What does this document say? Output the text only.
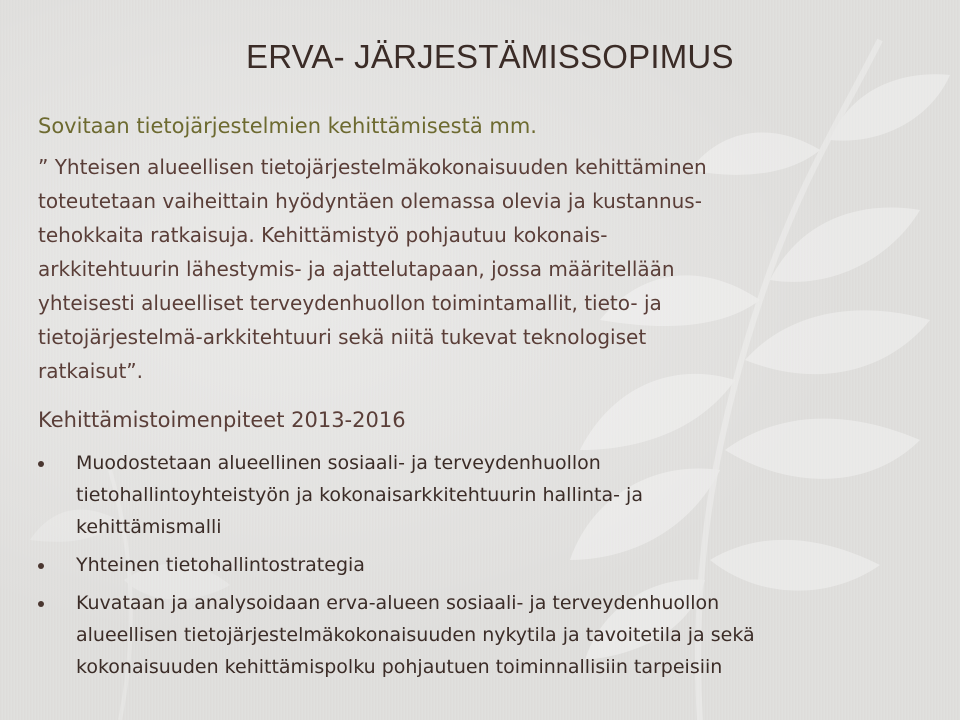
ERVA- JÄRJESTÄMISSOPIMUS

Sovitaan tietojärjestelmien kehittämisestä mm.

” Yhteisen alueellisen tietojärjestelmäkokonaisuuden kehittäminen
toteutetaan vaiheittain hyödyntäen olemassa olevia ja kustannus-
tehokkaita ratkaisuja. Kehittämistyö pohjautuu kokonais-
arkkitehtuurin lähestymis- ja ajattelutapaan, jossa määritellään
yhteisesti alueelliset terveydenhuollon toimintamallit, tieto- ja
tietojärjestelmä-arkkitehtuuri sekä niitä tukevat teknologiset
ratkaisut”.

Kehittämistoimenpiteet 2013-2016

Muodostetaan alueellinen sosiaali- ja terveydenhuollon
tietohallintoyhteistyön ja kokonaisarkkitehtuurin hallinta- ja
kehittämismalli
Yhteinen tietohallintostrategia
Kuvataan ja analysoidaan erva-alueen sosiaali- ja terveydenhuollon
alueellisen tietojärjestelmäkokonaisuuden nykytila ja tavoitetila ja sekä
kokonaisuuden kehittämispolku pohjautuen toiminnallisiin tarpeisiin
